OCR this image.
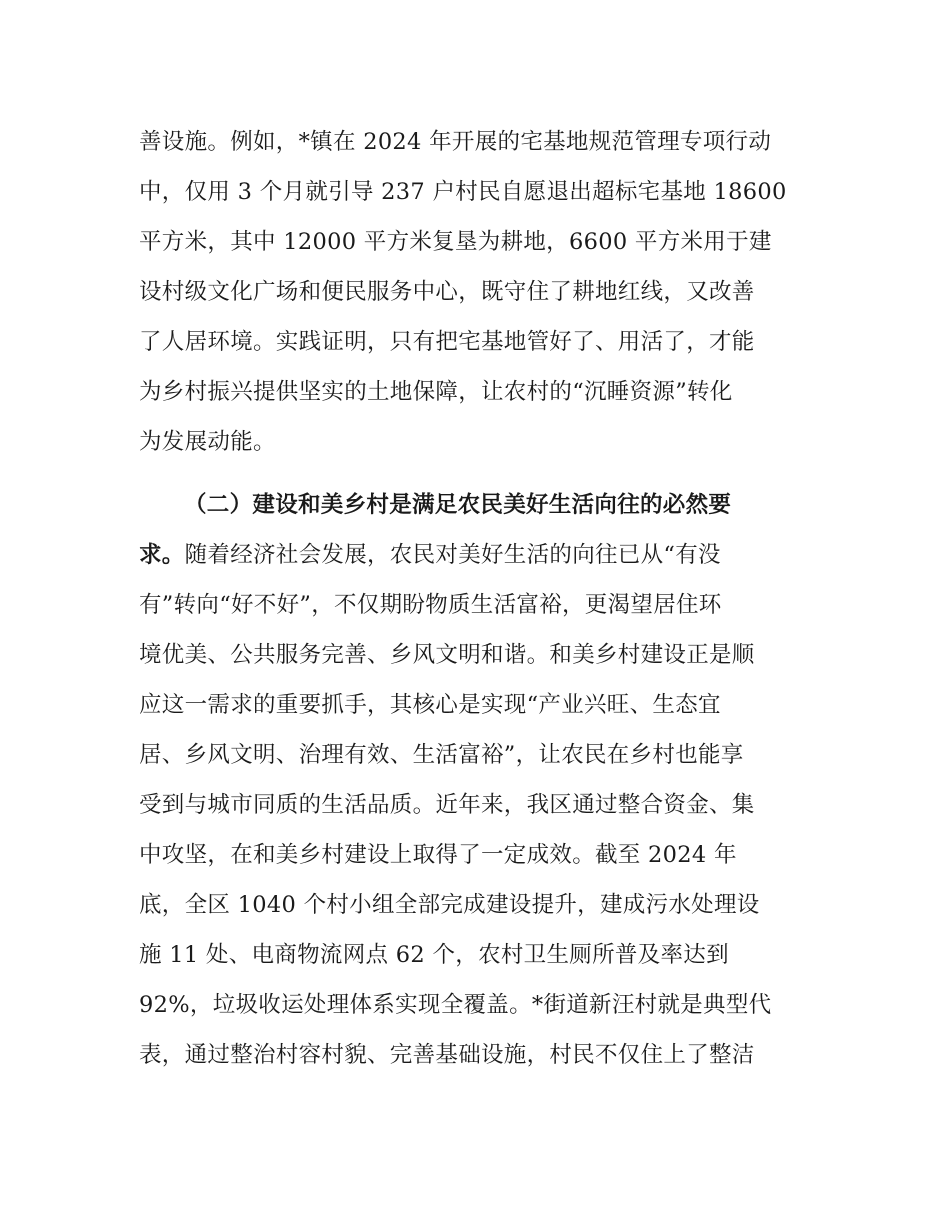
善设施。例如，*镇在 2024 年开展的宅基地规范管理专项行动

中，仅用 3 个月就引导 237 户村民自愿退出超标宅基地 18600

平方米，其中 12000 平方米复垦为耕地，6600 平方米用于建

设村级文化广场和便民服务中心，既守住了耕地红线，又改善

了人居环境。实践证明，只有把宅基地管好了、用活了，才能

为乡村振兴提供坚实的土地保障，让农村的“沉睡资源”转化

为发展动能。

（二）建设和美乡村是满足农民美好生活向往的必然要

求。随着经济社会发展，农民对美好生活的向往已从“有没

有”转向“好不好”，不仅期盼物质生活富裕，更渴望居住环

境优美、公共服务完善、乡风文明和谐。和美乡村建设正是顺

应这一需求的重要抓手，其核心是实现“产业兴旺、生态宜

居、乡风文明、治理有效、生活富裕”，让农民在乡村也能享

受到与城市同质的生活品质。近年来，我区通过整合资金、集

中攻坚，在和美乡村建设上取得了一定成效。截至 2024 年

底，全区 1040 个村小组全部完成建设提升，建成污水处理设

施 11 处、电商物流网点 62 个，农村卫生厕所普及率达到

92%，垃圾收运处理体系实现全覆盖。*街道新汪村就是典型代

表，通过整治村容村貌、完善基础设施，村民不仅住上了整洁
